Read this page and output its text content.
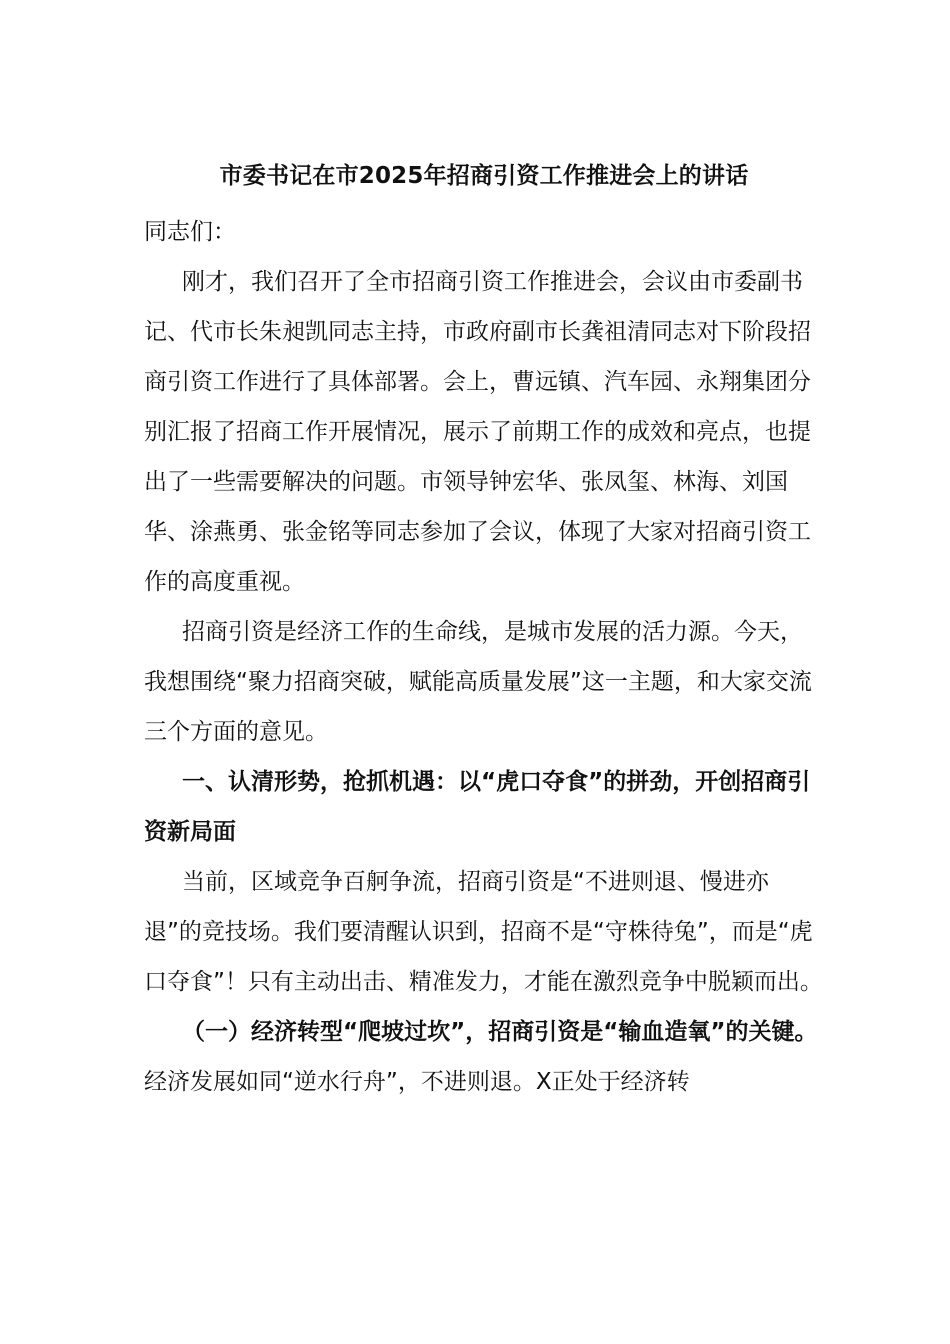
市委书记在市2025年招商引资工作推进会上的讲话

同志们：

刚才，我们召开了全市招商引资工作推进会，会议由市委副书记、代市长朱昶凯同志主持，市政府副市长龚祖清同志对下阶段招商引资工作进行了具体部署。会上，曹远镇、汽车园、永翔集团分别汇报了招商工作开展情况，展示了前期工作的成效和亮点，也提出了一些需要解决的问题。市领导钟宏华、张凤玺、林海、刘国华、涂燕勇、张金铭等同志参加了会议，体现了大家对招商引资工作的高度重视。

招商引资是经济工作的生命线，是城市发展的活力源。今天，我想围绕“聚力招商突破，赋能高质量发展”这一主题，和大家交流三个方面的意见。

一、认清形势，抢抓机遇：以“虎口夺食”的拼劲，开创招商引资新局面

当前，区域竞争百舸争流，招商引资是“不进则退、慢进亦退”的竞技场。我们要清醒认识到，招商不是“守株待兔”，而是“虎口夺食”！只有主动出击、精准发力，才能在激烈竞争中脱颖而出。

（一）经济转型“爬坡过坎”，招商引资是“输血造氧”的关键。经济发展如同“逆水行舟”，不进则退。X正处于经济转
